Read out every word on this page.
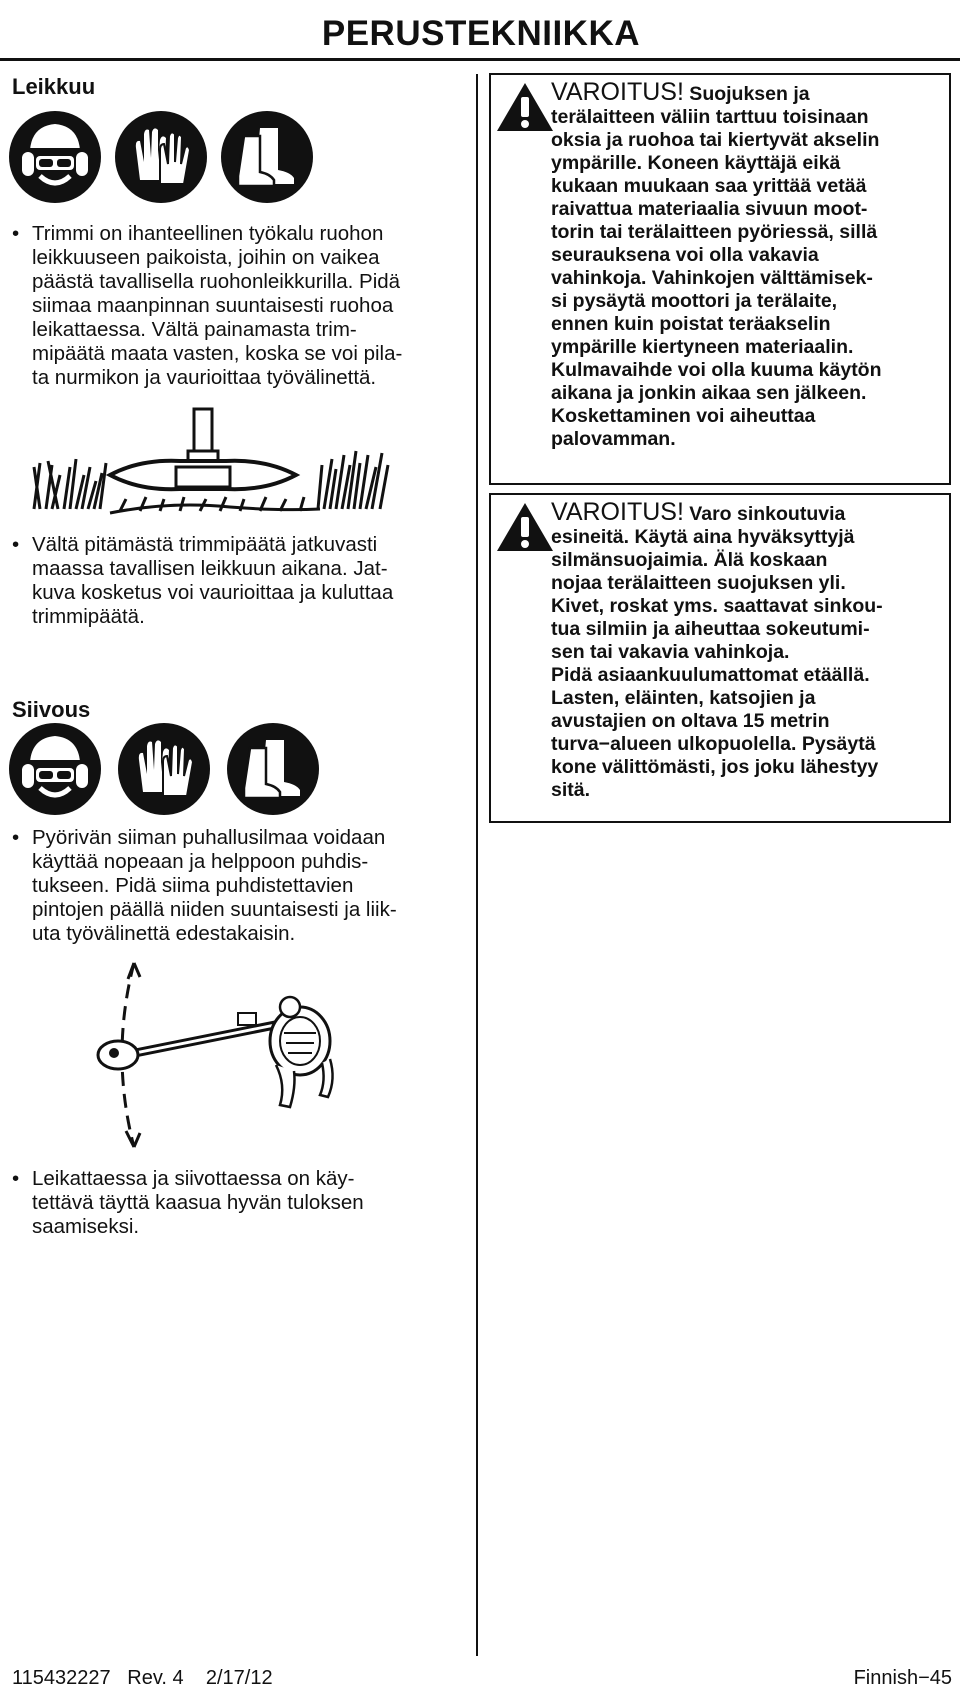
PERUSTEKNIIKKA
Leikkuu
• Trimmi on ihanteellinen työkalu ruohon
leikkuuseen paikoista, joihin on vaikea
päästä tavallisella ruohonleikkurilla. Pidä
siimaa maanpinnan suuntaisesti ruohoa
leikattaessa. Vältä painamasta trim-
mipäätä maata vasten, koska se voi pila-
ta nurmikon ja vaurioittaa työvälinettä.
• Vältä pitämästä trimmipäätä jatkuvasti
maassa tavallisen leikkuun aikana. Jat-
kuva kosketus voi vaurioittaa ja kuluttaa
trimmipäätä.
Siivous
• Pyörivän siiman puhallusilmaa voidaan
käyttää nopeaan ja helppoon puhdis-
tukseen. Pidä siima puhdistettavien
pintojen päällä niiden suuntaisesti ja liik-
uta työvälinettä edestakaisin.
• Leikattaessa ja siivottaessa on käy-
tettävä täyttä kaasua hyvän tuloksen
saamiseksi.
VAROITUS! Suojuksen ja
terälaitteen väliin tarttuu toisinaan
oksia ja ruohoa tai kiertyvät akselin
ympärille. Koneen käyttäjä eikä
kukaan muukaan saa yrittää vetää
raivattua materiaalia sivuun moot-
torin tai terälaitteen pyöriessä, sillä
seurauksena voi olla vakavia
vahinkoja. Vahinkojen välttämisek-
si pysäytä moottori ja terälaite,
ennen kuin poistat teräakselin
ympärille kiertyneen materiaalin.
Kulmavaihde voi olla kuuma käytön
aikana ja jonkin aikaa sen jälkeen.
Koskettaminen voi aiheuttaa
palovamman.
VAROITUS! Varo sinkoutuvia
esineitä. Käytä aina hyväksyttyjä
silmänsuojaimia. Älä koskaan
nojaa terälaitteen suojuksen yli.
Kivet, roskat yms. saattavat sinkou-
tua silmiin ja aiheuttaa sokeutumi-
sen tai vakavia vahinkoja.
Pidä asiaankuulumattomat etäällä.
Lasten, eläinten, katsojien ja
avustajien on oltava 15 metrin
turva−alueen ulkopuolella. Pysäytä
kone välittömästi, jos joku lähestyy
sitä.
115432227   Rev. 4    2/17/12	Finnish−45
